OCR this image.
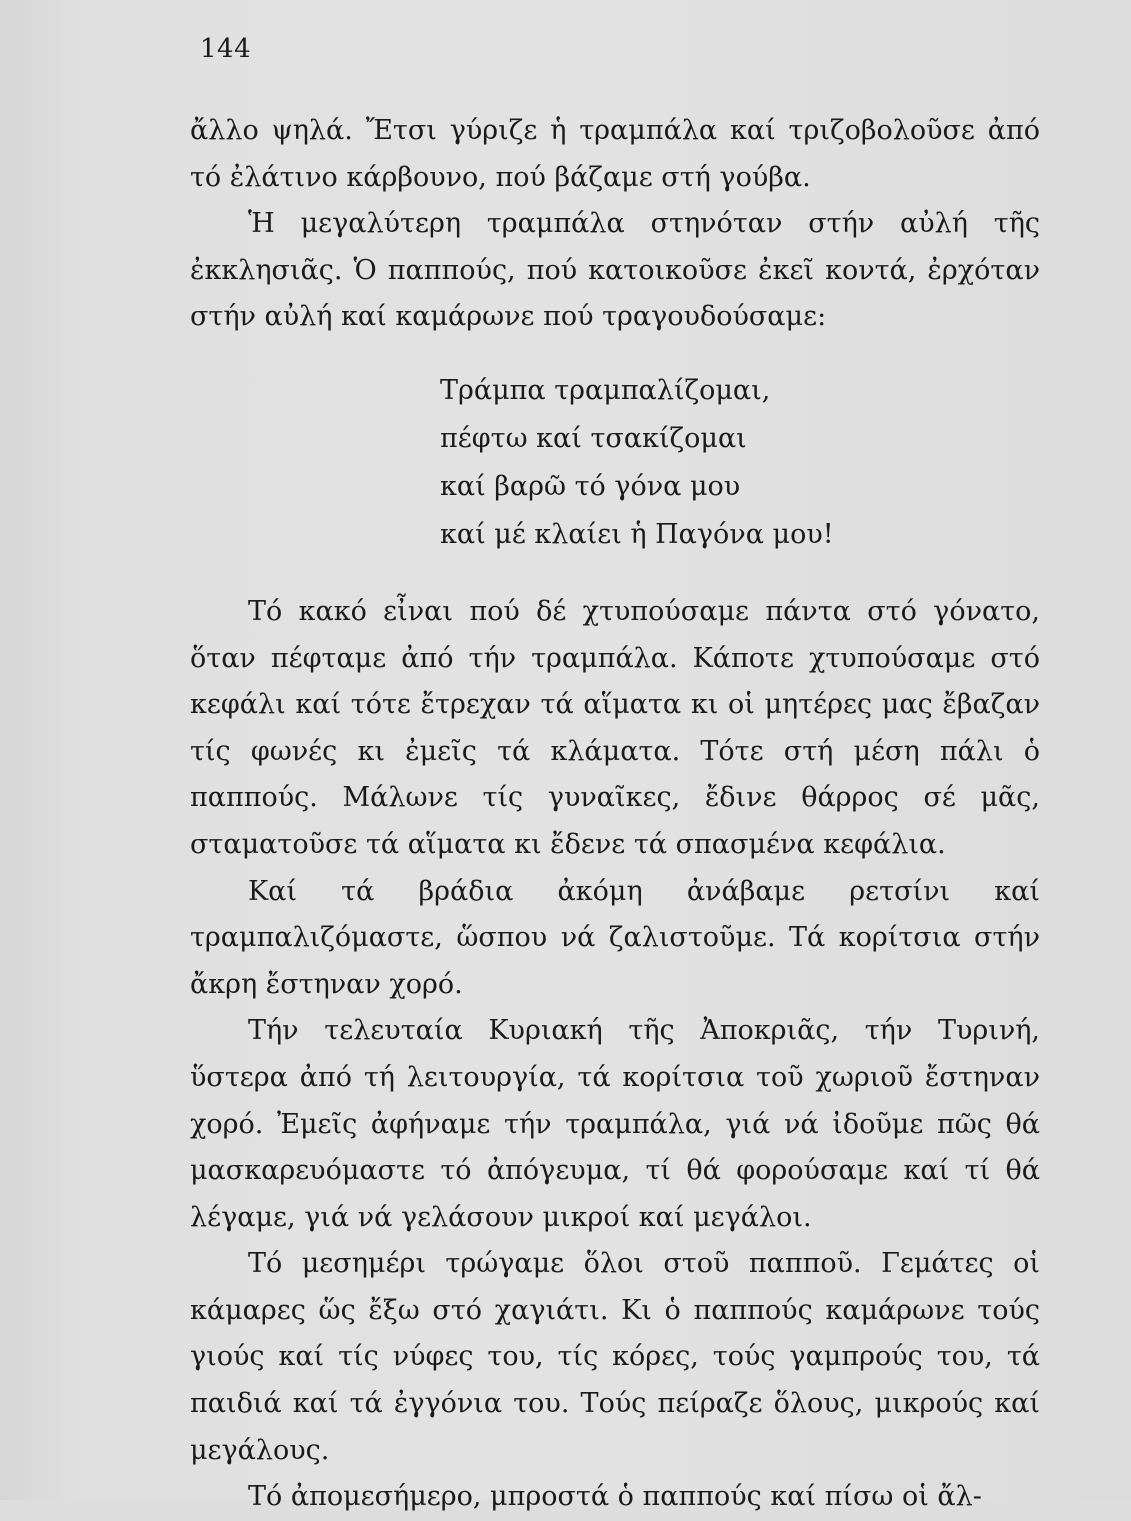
144

ἄλλο ψηλά. Ἔτσι γύριζε ἡ τραμπάλα καί τριζοβολοῦσε ἀπό τό ἐλάτινο κάρβουνο, πού βάζαμε στή γούβα.

Ἡ μεγαλύτερη τραμπάλα στηνόταν στήν αὐλή τῆς ἐκκλησιᾶς. Ὁ παππούς, πού κατοικοῦσε ἐκεῖ κοντά, ἐρχόταν στήν αὐλή καί καμάρωνε πού τραγουδούσαμε:

Τράμπα τραμπαλίζομαι,
πέφτω καί τσακίζομαι
καί βαρῶ τό γόνα μου
καί μέ κλαίει ἡ Παγόνα μου!

Τό κακό εἶναι πού δέ χτυπούσαμε πάντα στό γόνατο, ὅταν πέφταμε ἀπό τήν τραμπάλα. Κάποτε χτυπούσαμε στό κεφάλι καί τότε ἔτρεχαν τά αἵματα κι οἱ μητέρες μας ἔβαζαν τίς φωνές κι ἐμεῖς τά κλάματα. Τότε στή μέση πάλι ὁ παππούς. Μάλωνε τίς γυναῖκες, ἔδινε θάρρος σέ μᾶς, σταματοῦσε τά αἵματα κι ἔδενε τά σπασμένα κεφάλια.

Καί τά βράδια ἀκόμη ἀνάβαμε ρετσίνι καί τραμπαλιζόμαστε, ὥσπου νά ζαλιστοῦμε. Τά κορίτσια στήν ἄκρη ἔστηναν χορό.

Τήν τελευταία Κυριακή τῆς Ἀποκριᾶς, τήν Τυρινή, ὕστερα ἀπό τή λειτουργία, τά κορίτσια τοῦ χωριοῦ ἔστηναν χορό. Ἐμεῖς ἀφήναμε τήν τραμπάλα, γιά νά ἰδοῦμε πῶς θά μασκαρευόμαστε τό ἀπόγευμα, τί θά φορούσαμε καί τί θά λέγαμε, γιά νά γελάσουν μικροί καί μεγάλοι.

Τό μεσημέρι τρώγαμε ὅλοι στοῦ παπποῦ. Γεμάτες οἱ κάμαρες ὥς ἔξω στό χαγιάτι. Κι ὁ παππούς καμάρωνε τούς γιούς καί τίς νύφες του, τίς κόρες, τούς γαμπρούς του, τά παιδιά καί τά ἐγγόνια του. Τούς πείραζε ὅλους, μικρούς καί μεγάλους.

Τό ἀπομεσήμερο, μπροστά ὁ παππούς καί πίσω οἱ ἄλ-
